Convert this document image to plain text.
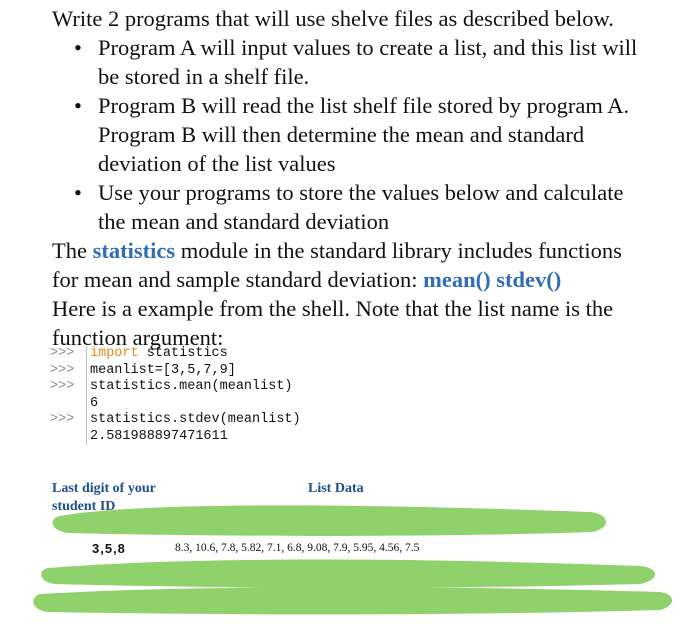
Write 2 programs that will use shelve files as described below.
• Program A will input values to create a list, and this list will
be stored in a shelf file.
• Program B will read the list shelf file stored by program A.
Program B will then determine the mean and standard
deviation of the list values
• Use your programs to store the values below and calculate
the mean and standard deviation
The statistics module in the standard library includes functions
for mean and sample standard deviation: mean() stdev()
Here is a example from the shell. Note that the list name is the
function argument:
>>>	import statistics
>>>	meanlist=[3,5,7,9]
>>>	statistics.mean(meanlist)
6
>>>	statistics.stdev(meanlist)
2.581988897471611
Last digit of your
student ID
List Data
3,5,8	8.3, 10.6, 7.8, 5.82, 7.1, 6.8, 9.08, 7.9, 5.95, 4.56, 7.5
